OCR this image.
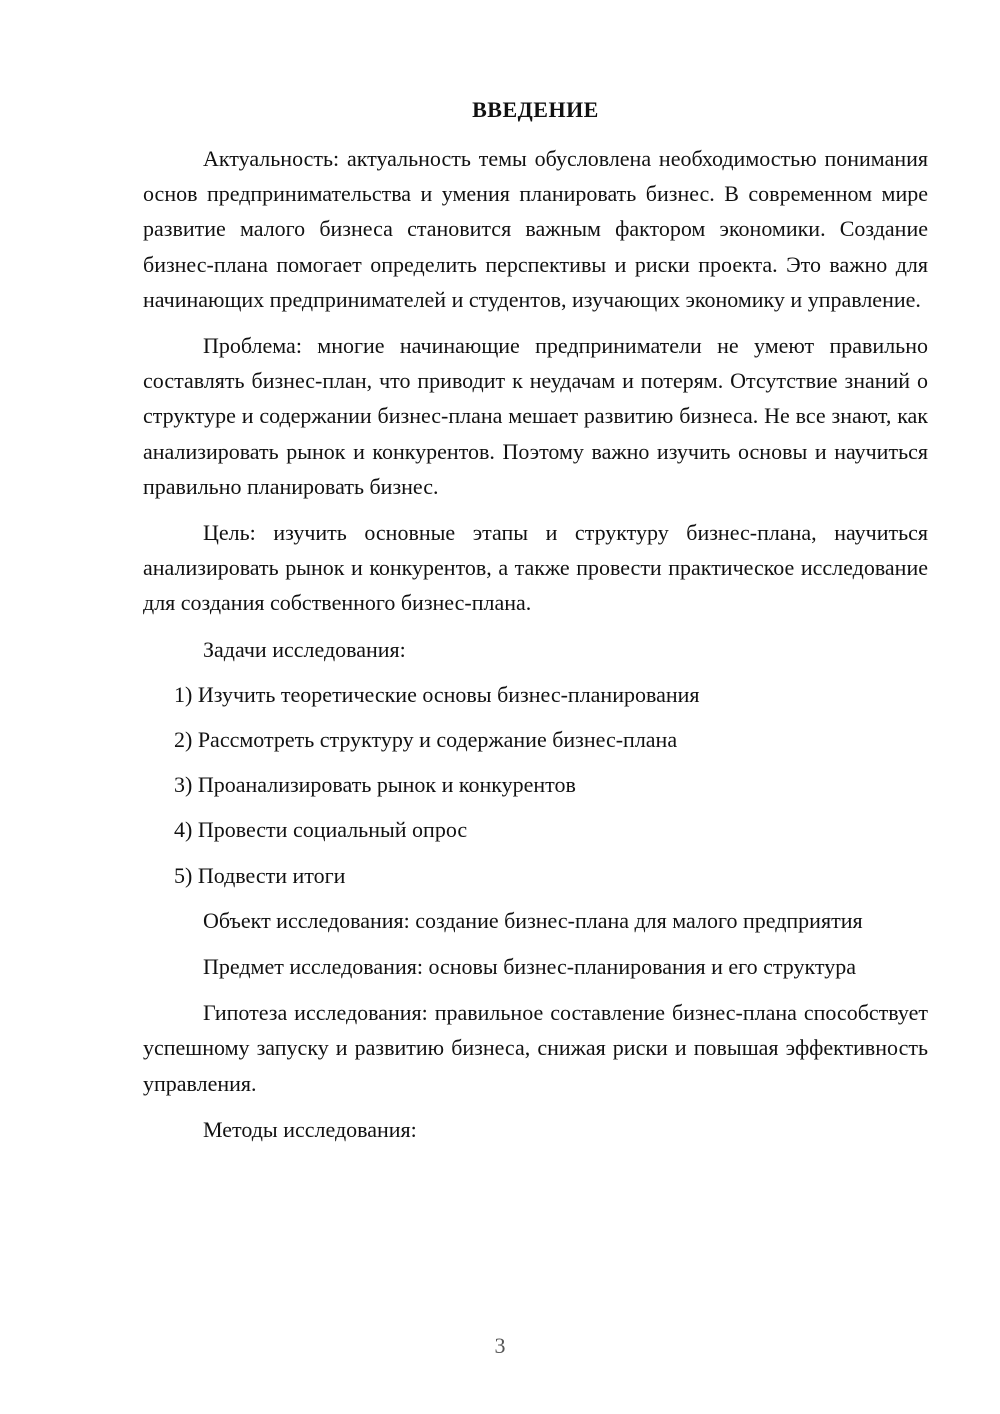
ВВЕДЕНИЕ

Актуальность: актуальность темы обусловлена необходимостью понимания основ предпринимательства и умения планировать бизнес. В современном мире развитие малого бизнеса становится важным фактором экономики. Создание бизнес-плана помогает определить перспективы и риски проекта. Это важно для начинающих предпринимателей и студентов, изучающих экономику и управление.

Проблема: многие начинающие предприниматели не умеют правильно составлять бизнес-план, что приводит к неудачам и потерям. Отсутствие знаний о структуре и содержании бизнес-плана мешает развитию бизнеса. Не все знают, как анализировать рынок и конкурентов. Поэтому важно изучить основы и научиться правильно планировать бизнес.

Цель: изучить основные этапы и структуру бизнес-плана, научиться анализировать рынок и конкурентов, а также провести практическое исследование для создания собственного бизнес-плана.

Задачи исследования:

1) Изучить теоретические основы бизнес-планирования
2) Рассмотреть структуру и содержание бизнес-плана
3) Проанализировать рынок и конкурентов
4) Провести социальный опрос
5) Подвести итоги

Объект исследования: создание бизнес-плана для малого предприятия

Предмет исследования: основы бизнес-планирования и его структура

Гипотеза исследования: правильное составление бизнес-плана способствует успешному запуску и развитию бизнеса, снижая риски и повышая эффективность управления.

Методы исследования:

3
